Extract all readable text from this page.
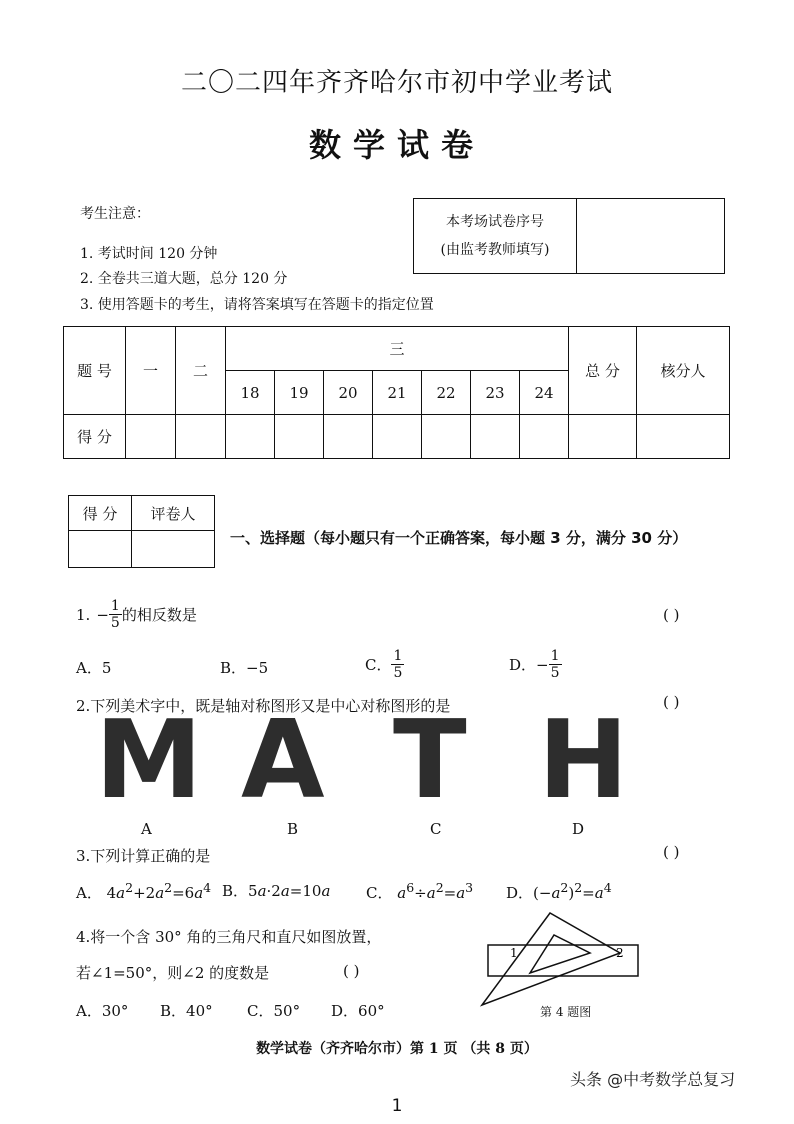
二〇二四年齐齐哈尔市初中学业考试
数学试卷
考生注意：
1. 考试时间 120 分钟
2. 全卷共三道大题，总分 120 分
3. 使用答题卡的考生，请将答案填写在答题卡的指定位置
本考场试卷序号
(由监考教师填写)
题 号	一	二	三							总 分	核分人
			18	19	20	21	22	23	24		
得 分											
得 分	评卷人

一、选择题（每小题只有一个正确答案，每小题 3 分，满分 30 分）
1. − $\frac{1}{5}$ 的相反数是	( )
A．5	B．−5	C． $\frac{1}{5}$	D．− $\frac{1}{5}$
2.下列美术字中，既是轴对称图形又是中心对称图形的是	( )
M A T H
A	B	C	D
3.下列计算正确的是	( )
A． $4a^2+2a^2=6a^4$ B．5a·2a=10a C． $a^6\div a^2=a^3$ D．$(-a^2)^2=a^4$
4.将一个含 30° 角的三角尺和直尺如图放置，
若∠1=50°，则∠2 的度数是	( )
A．30° B．40° C．50° D．60°
1	2
第 4 题图
数学试卷（齐齐哈尔市）第 1 页 （共 8 页）
头条 @中考数学总复习
1
